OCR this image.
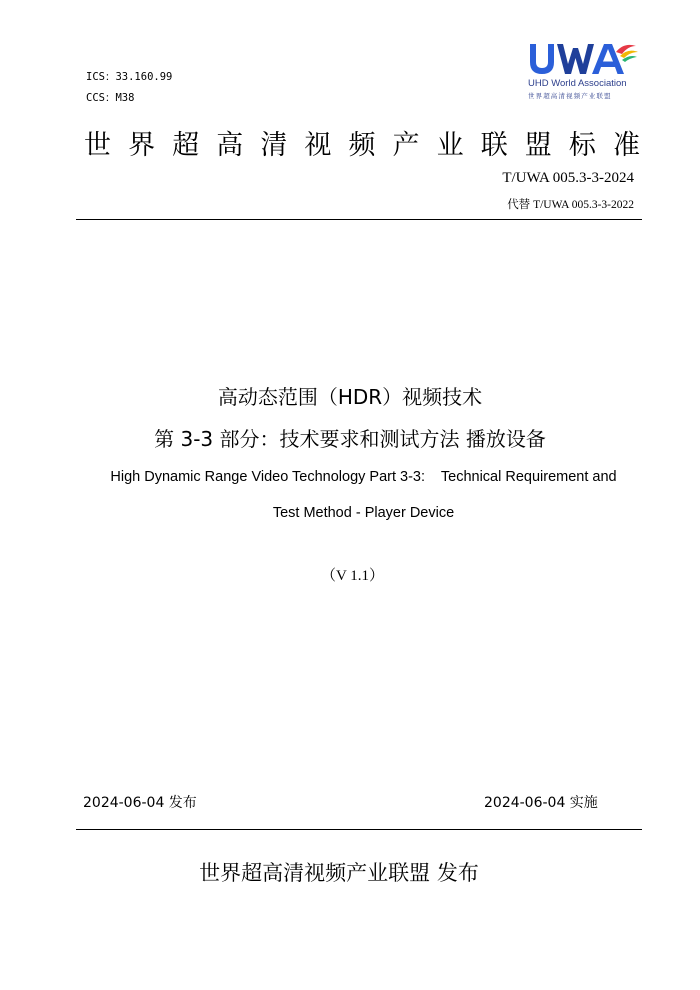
ICS：33.160.99
CCS：M38
UHD World Association
世界超高清视频产业联盟
世 界 超 高 清 视 频 产 业 联 盟 标 准
T/UWA 005.3-3-2024
代替 T/UWA 005.3-3-2022
高动态范围（HDR）视频技术
第 3-3 部分：技术要求和测试方法 播放设备
High Dynamic Range Video Technology Part 3-3:    Technical Requirement and
Test Method - Player Device
（V 1.1）
2024-06-04 发布	2024-06-04 实施
世界超高清视频产业联盟 发布
